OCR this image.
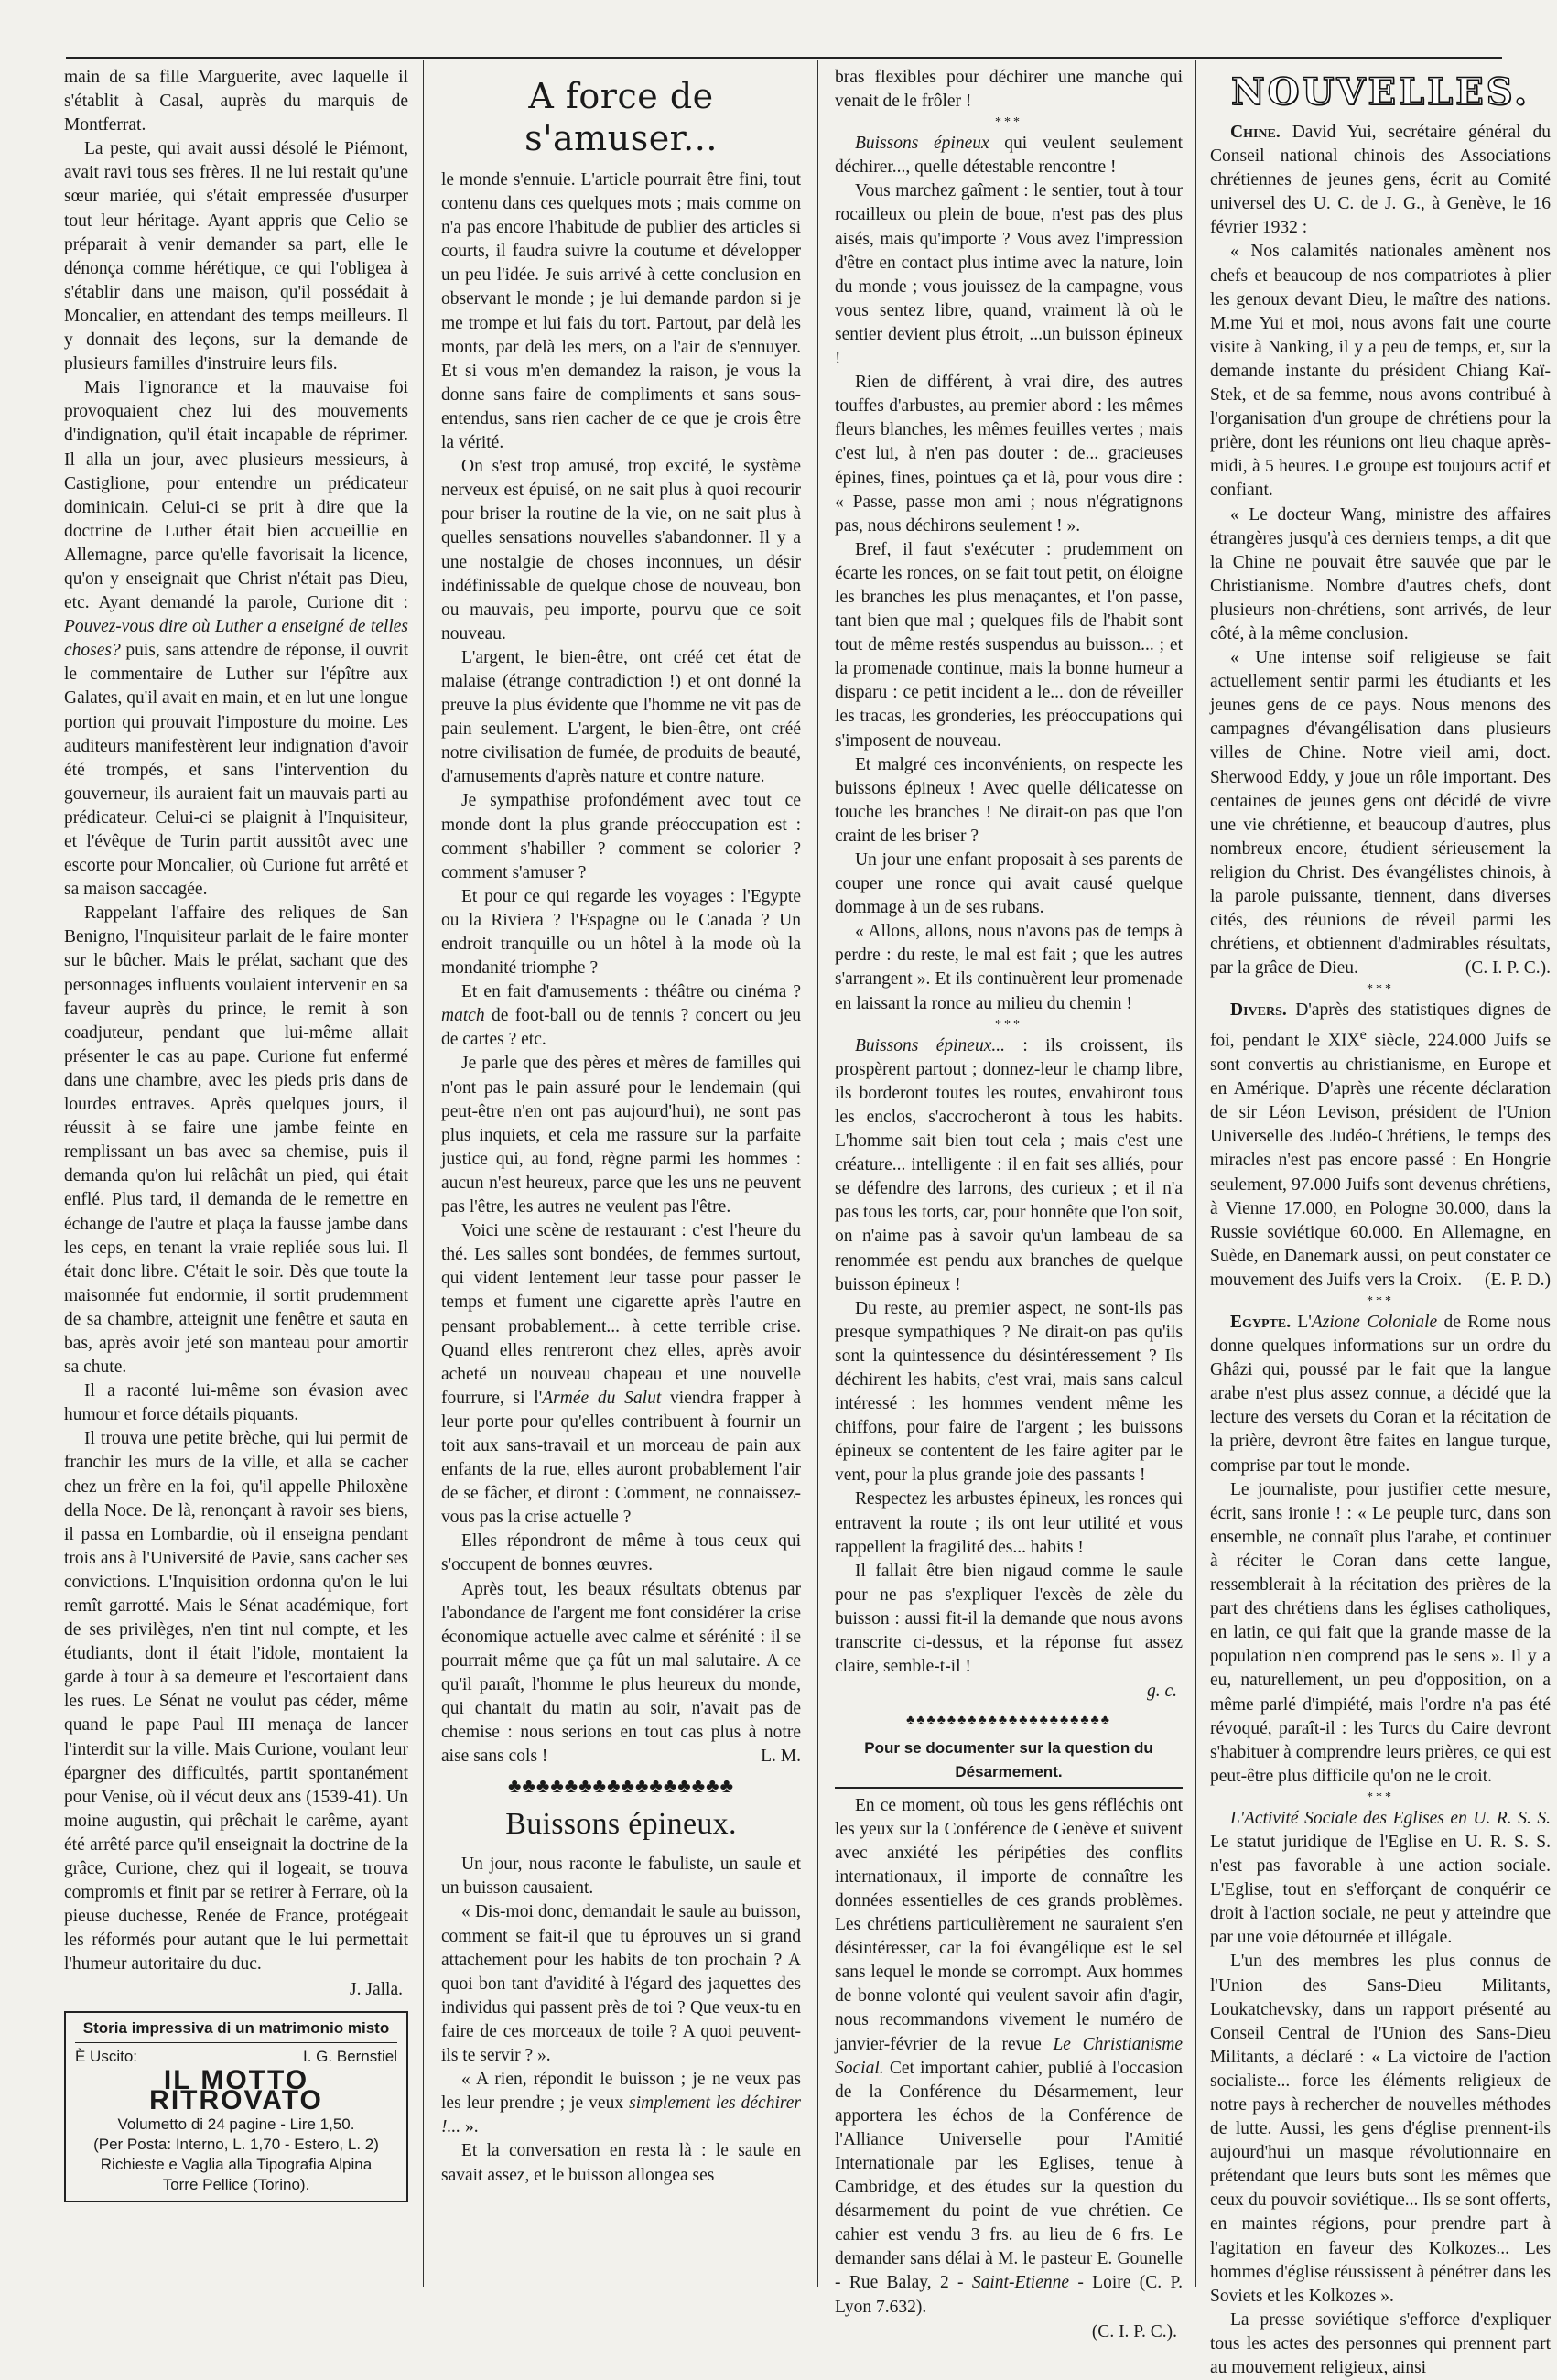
main de sa fille Marguerite, avec laquelle il s'établit à Casal, auprès du marquis de Montferrat.

La peste, qui avait aussi désolé le Piémont, avait ravi tous ses frères. Il ne lui restait qu'une sœur mariée, qui s'était empressée d'usurper tout leur héritage. Ayant appris que Celio se préparait à venir demander sa part, elle le dénonça comme hérétique, ce qui l'obligea à s'établir dans une maison, qu'il possédait à Moncalier, en attendant des temps meilleurs. Il y donnait des leçons, sur la demande de plusieurs familles d'instruire leurs fils.

Mais l'ignorance et la mauvaise foi provoquaient chez lui des mouvements d'indignation, qu'il était incapable de réprimer. Il alla un jour, avec plusieurs messieurs, à Castiglione, pour entendre un prédicateur dominicain. Celui-ci se prit à dire que la doctrine de Luther était bien accueillie en Allemagne, parce qu'elle favorisait la licence, qu'on y enseignait que Christ n'était pas Dieu, etc. Ayant demandé la parole, Curione dit : Pouvez-vous dire où Luther a enseigné de telles choses? puis, sans attendre de réponse, il ouvrit le commentaire de Luther sur l'épître aux Galates, qu'il avait en main, et en lut une longue portion qui prouvait l'imposture du moine. Les auditeurs manifestèrent leur indignation d'avoir été trompés, et sans l'intervention du gouverneur, ils auraient fait un mauvais parti au prédicateur. Celui-ci se plaignit à l'Inquisiteur, et l'évêque de Turin partit aussitôt avec une escorte pour Moncalier, où Curione fut arrêté et sa maison saccagée.

Rappelant l'affaire des reliques de San Benigno, l'Inquisiteur parlait de le faire monter sur le bûcher. Mais le prélat, sachant que des personnages influents voulaient intervenir en sa faveur auprès du prince, le remit à son coadjuteur, pendant que lui-même allait présenter le cas au pape. Curione fut enfermé dans une chambre, avec les pieds pris dans de lourdes entraves. Après quelques jours, il réussit à se faire une jambe feinte en remplissant un bas avec sa chemise, puis il demanda qu'on lui relâchât un pied, qui était enflé. Plus tard, il demanda de le remettre en échange de l'autre et plaça la fausse jambe dans les ceps, en tenant la vraie repliée sous lui. Il était donc libre. C'était le soir. Dès que toute la maisonnée fut endormie, il sortit prudemment de sa chambre, atteignit une fenêtre et sauta en bas, après avoir jeté son manteau pour amortir sa chute.

Il a raconté lui-même son évasion avec humour et force détails piquants.

Il trouva une petite brèche, qui lui permit de franchir les murs de la ville, et alla se cacher chez un frère en la foi, qu'il appelle Philoxène della Noce. De là, renonçant à ravoir ses biens, il passa en Lombardie, où il enseigna pendant trois ans à l'Université de Pavie, sans cacher ses convictions. L'Inquisition ordonna qu'on le lui remît garrotté. Mais le Sénat académique, fort de ses privilèges, n'en tint nul compte, et les étudiants, dont il était l'idole, montaient la garde à tour à sa demeure et l'escortaient dans les rues. Le Sénat ne voulut pas céder, même quand le pape Paul III menaça de lancer l'interdit sur la ville. Mais Curione, voulant leur épargner des difficultés, partit spontanément pour Venise, où il vécut deux ans (1539-41). Un moine augustin, qui prêchait le carême, ayant été arrêté parce qu'il enseignait la doctrine de la grâce, Curione, chez qui il logeait, se trouva compromis et finit par se retirer à Ferrare, où la pieuse duchesse, Renée de France, protégeait les réformés pour autant que le lui permettait l'humeur autoritaire du duc.

J. Jalla.
Storia impressiva di un matrimonio misto
È Uscito:	I. G. Bernstiel
IL MOTTO RITROVATO
Volumetto di 24 pagine - Lire 1,50.
(Per Posta: Interno, L. 1,70 - Estero, L. 2)
Richieste e Vaglia alla Tipografia Alpina
Torre Pellice (Torino).
A force de s'amuser...

le monde s'ennuie. L'article pourrait être fini, tout contenu dans ces quelques mots ; mais comme on n'a pas encore l'habitude de publier des articles si courts, il faudra suivre la coutume et développer un peu l'idée. Je suis arrivé à cette conclusion en observant le monde ; je lui demande pardon si je me trompe et lui fais du tort. Partout, par delà les monts, par delà les mers, on a l'air de s'ennuyer. Et si vous m'en demandez la raison, je vous la donne sans faire de compliments et sans sous-entendus, sans rien cacher de ce que je crois être la vérité.

On s'est trop amusé, trop excité, le système nerveux est épuisé, on ne sait plus à quoi recourir pour briser la routine de la vie, on ne sait plus à quelles sensations nouvelles s'abandonner. Il y a une nostalgie de choses inconnues, un désir indéfinissable de quelque chose de nouveau, bon ou mauvais, peu importe, pourvu que ce soit nouveau.

L'argent, le bien-être, ont créé cet état de malaise (étrange contradiction !) et ont donné la preuve la plus évidente que l'homme ne vit pas de pain seulement. L'argent, le bien-être, ont créé notre civilisation de fumée, de produits de beauté, d'amusements d'après nature et contre nature.

Je sympathise profondément avec tout ce monde dont la plus grande préoccupation est : comment s'habiller ? comment se colorier ? comment s'amuser ?

Et pour ce qui regarde les voyages : l'Egypte ou la Riviera ? l'Espagne ou le Canada ? Un endroit tranquille ou un hôtel à la mode où la mondanité triomphe ?

Et en fait d'amusements : théâtre ou cinéma ? match de foot-ball ou de tennis ? concert ou jeu de cartes ? etc.

Je parle que des pères et mères de familles qui n'ont pas le pain assuré pour le lendemain (qui peut-être n'en ont pas aujourd'hui), ne sont pas plus inquiets, et cela me rassure sur la parfaite justice qui, au fond, règne parmi les hommes : aucun n'est heureux, parce que les uns ne peuvent pas l'être, les autres ne veulent pas l'être.

Voici une scène de restaurant : c'est l'heure du thé. Les salles sont bondées, de femmes surtout, qui vident lentement leur tasse pour passer le temps et fument une cigarette après l'autre en pensant probablement... à cette terrible crise. Quand elles rentreront chez elles, après avoir acheté un nouveau chapeau et une nouvelle fourrure, si l'Armée du Salut viendra frapper à leur porte pour qu'elles contribuent à fournir un toit aux sans-travail et un morceau de pain aux enfants de la rue, elles auront probablement l'air de se fâcher, et diront : Comment, ne connaissez-vous pas la crise actuelle ?

Elles répondront de même à tous ceux qui s'occupent de bonnes œuvres.

Après tout, les beaux résultats obtenus par l'abondance de l'argent me font considérer la crise économique actuelle avec calme et sérénité : il se pourrait même que ça fût un mal salutaire. A ce qu'il paraît, l'homme le plus heureux du monde, qui chantait du matin au soir, n'avait pas de chemise : nous serions en tout cas plus à notre aise sans cols !	L. M.

♣♣♣♣♣♣♣♣♣♣♣♣♣♣♣♣
Buissons épineux.

Un jour, nous raconte le fabuliste, un saule et un buisson causaient.

« Dis-moi donc, demandait le saule au buisson, comment se fait-il que tu éprouves un si grand attachement pour les habits de ton prochain ? A quoi bon tant d'avidité à l'égard des jaquettes des individus qui passent près de toi ? Que veux-tu en faire de ces morceaux de toile ? A quoi peuvent-ils te servir ? ».

« A rien, répondit le buisson ; je ne veux pas les leur prendre ; je veux simplement les déchirer !... ».

Et la conversation en resta là : le saule en savait assez, et le buisson allongea ses

bras flexibles pour déchirer une manche qui venait de le frôler !

***

Buissons épineux qui veulent seulement déchirer..., quelle détestable rencontre !

Vous marchez gaîment : le sentier, tout à tour rocailleux ou plein de boue, n'est pas des plus aisés, mais qu'importe ? Vous avez l'impression d'être en contact plus intime avec la nature, loin du monde ; vous jouissez de la campagne, vous vous sentez libre, quand, vraiment là où le sentier devient plus étroit, ...un buisson épineux !

Rien de différent, à vrai dire, des autres touffes d'arbustes, au premier abord : les mêmes fleurs blanches, les mêmes feuilles vertes ; mais c'est lui, à n'en pas douter : de... gracieuses épines, fines, pointues ça et là, pour vous dire : « Passe, passe mon ami ; nous n'égratignons pas, nous déchirons seulement ! ».

Bref, il faut s'exécuter : prudemment on écarte les ronces, on se fait tout petit, on éloigne les branches les plus menaçantes, et l'on passe, tant bien que mal ; quelques fils de l'habit sont tout de même restés suspendus au buisson... ; et la promenade continue, mais la bonne humeur a disparu : ce petit incident a le... don de réveiller les tracas, les gronderies, les préoccupations qui s'imposent de nouveau.

Et malgré ces inconvénients, on respecte les buissons épineux ! Avec quelle délicatesse on touche les branches ! Ne dirait-on pas que l'on craint de les briser ?

Un jour une enfant proposait à ses parents de couper une ronce qui avait causé quelque dommage à un de ses rubans.

« Allons, allons, nous n'avons pas de temps à perdre : du reste, le mal est fait ; que les autres s'arrangent ». Et ils continuèrent leur promenade en laissant la ronce au milieu du chemin !

***

Buissons épineux... : ils croissent, ils prospèrent partout ; donnez-leur le champ libre, ils borderont toutes les routes, envahiront tous les enclos, s'accrocheront à tous les habits. L'homme sait bien tout cela ; mais c'est une créature... intelligente : il en fait ses alliés, pour se défendre des larrons, des curieux ; et il n'a pas tous les torts, car, pour honnête que l'on soit, on n'aime pas à savoir qu'un lambeau de sa renommée est pendu aux branches de quelque buisson épineux !

Du reste, au premier aspect, ne sont-ils pas presque sympathiques ? Ne dirait-on pas qu'ils sont la quintessence du désintéressement ? Ils déchirent les habits, c'est vrai, mais sans calcul intéressé : les hommes vendent même les chiffons, pour faire de l'argent ; les buissons épineux se contentent de les faire agiter par le vent, pour la plus grande joie des passants !

Respectez les arbustes épineux, les ronces qui entravent la route ; ils ont leur utilité et vous rappellent la fragilité des... habits !

Il fallait être bien nigaud comme le saule pour ne pas s'expliquer l'excès de zèle du buisson : aussi fit-il la demande que nous avons transcrite ci-dessus, et la réponse fut assez claire, semble-t-il !

g. c.
♣♣♣♣♣♣♣♣♣♣♣♣♣♣♣♣♣♣♣♣
Pour se documenter sur la question du Désarmement.

En ce moment, où tous les gens réfléchis ont les yeux sur la Conférence de Genève et suivent avec anxiété les péripéties des conflits internationaux, il importe de connaître les données essentielles de ces grands problèmes. Les chrétiens particulièrement ne sauraient s'en désintéresser, car la foi évangélique est le sel sans lequel le monde se corrompt. Aux hommes de bonne volonté qui veulent savoir afin d'agir, nous recommandons vivement le numéro de janvier-février de la revue Le Christianisme Social. Cet important cahier, publié à l'occasion de la Conférence du Désarmement, leur apportera les échos de la Conférence de l'Alliance Universelle pour l'Amitié Internationale par les Eglises, tenue à Cambridge, et des études sur la question du désarmement du point de vue chrétien. Ce cahier est vendu 3 frs. au lieu de 6 frs. Le demander sans délai à M. le pasteur E. Gounelle - Rue Balay, 2 - Saint-Etienne - Loire (C. P. Lyon 7.632).

(C. I. P. C.).
NOUVELLES.

Chine. David Yui, secrétaire général du Conseil national chinois des Associations chrétiennes de jeunes gens, écrit au Comité universel des U. C. de J. G., à Genève, le 16 février 1932 :

« Nos calamités nationales amènent nos chefs et beaucoup de nos compatriotes à plier les genoux devant Dieu, le maître des nations. M.me Yui et moi, nous avons fait une courte visite à Nanking, il y a peu de temps, et, sur la demande instante du président Chiang Kaï-Stek, et de sa femme, nous avons contribué à l'organisation d'un groupe de chrétiens pour la prière, dont les réunions ont lieu chaque après-midi, à 5 heures. Le groupe est toujours actif et confiant.

« Le docteur Wang, ministre des affaires étrangères jusqu'à ces derniers temps, a dit que la Chine ne pouvait être sauvée que par le Christianisme. Nombre d'autres chefs, dont plusieurs non-chrétiens, sont arrivés, de leur côté, à la même conclusion.

« Une intense soif religieuse se fait actuellement sentir parmi les étudiants et les jeunes gens de ce pays. Nous menons des campagnes d'évangélisation dans plusieurs villes de Chine. Notre vieil ami, doct. Sherwood Eddy, y joue un rôle important. Des centaines de jeunes gens ont décidé de vivre une vie chrétienne, et beaucoup d'autres, plus nombreux encore, étudient sérieusement la religion du Christ. Des évangélistes chinois, à la parole puissante, tiennent, dans diverses cités, des réunions de réveil parmi les chrétiens, et obtiennent d'admirables résultats, par la grâce de Dieu.	(C. I. P. C.).

***

Divers. D'après des statistiques dignes de foi, pendant le XIXe siècle, 224.000 Juifs se sont convertis au christianisme, en Europe et en Amérique. D'après une récente déclaration de sir Léon Levison, président de l'Union Universelle des Judéo-Chrétiens, le temps des miracles n'est pas encore passé : En Hongrie seulement, 97.000 Juifs sont devenus chrétiens, à Vienne 17.000, en Pologne 30.000, dans la Russie soviétique 60.000. En Allemagne, en Suède, en Danemark aussi, on peut constater ce mouvement des Juifs vers la Croix.	(E. P. D.)

***

Egypte. L'Azione Coloniale de Rome nous donne quelques informations sur un ordre du Ghâzi qui, poussé par le fait que la langue arabe n'est plus assez connue, a décidé que la lecture des versets du Coran et la récitation de la prière, devront être faites en langue turque, comprise par tout le monde.

Le journaliste, pour justifier cette mesure, écrit, sans ironie ! : « Le peuple turc, dans son ensemble, ne connaît plus l'arabe, et continuer à réciter le Coran dans cette langue, ressemblerait à la récitation des prières de la part des chrétiens dans les églises catholiques, en latin, ce qui fait que la grande masse de la population n'en comprend pas le sens ». Il y a eu, naturellement, un peu d'opposition, on a même parlé d'impiété, mais l'ordre n'a pas été révoqué, paraît-il : les Turcs du Caire devront s'habituer à comprendre leurs prières, ce qui est peut-être plus difficile qu'on ne le croit.

***

L'Activité Sociale des Eglises en U. R. S. S. Le statut juridique de l'Eglise en U. R. S. S. n'est pas favorable à une action sociale. L'Eglise, tout en s'efforçant de conquérir ce droit à l'action sociale, ne peut y atteindre que par une voie détournée et illégale.

L'un des membres les plus connus de l'Union des Sans-Dieu Militants, Loukatchevsky, dans un rapport présenté au Conseil Central de l'Union des Sans-Dieu Militants, a déclaré : « La victoire de l'action socialiste... force les éléments religieux de notre pays à rechercher de nouvelles méthodes de lutte. Aussi, les gens d'église prennent-ils aujourd'hui un masque révolutionnaire en prétendant que leurs buts sont les mêmes que ceux du pouvoir soviétique... Ils se sont offerts, en maintes régions, pour prendre part à l'agitation en faveur des Kolkozes... Les hommes d'église réussissent à pénétrer dans les Soviets et les Kolkozes ».

La presse soviétique s'efforce d'expliquer tous les actes des personnes qui prennent part au mouvement religieux, ainsi
